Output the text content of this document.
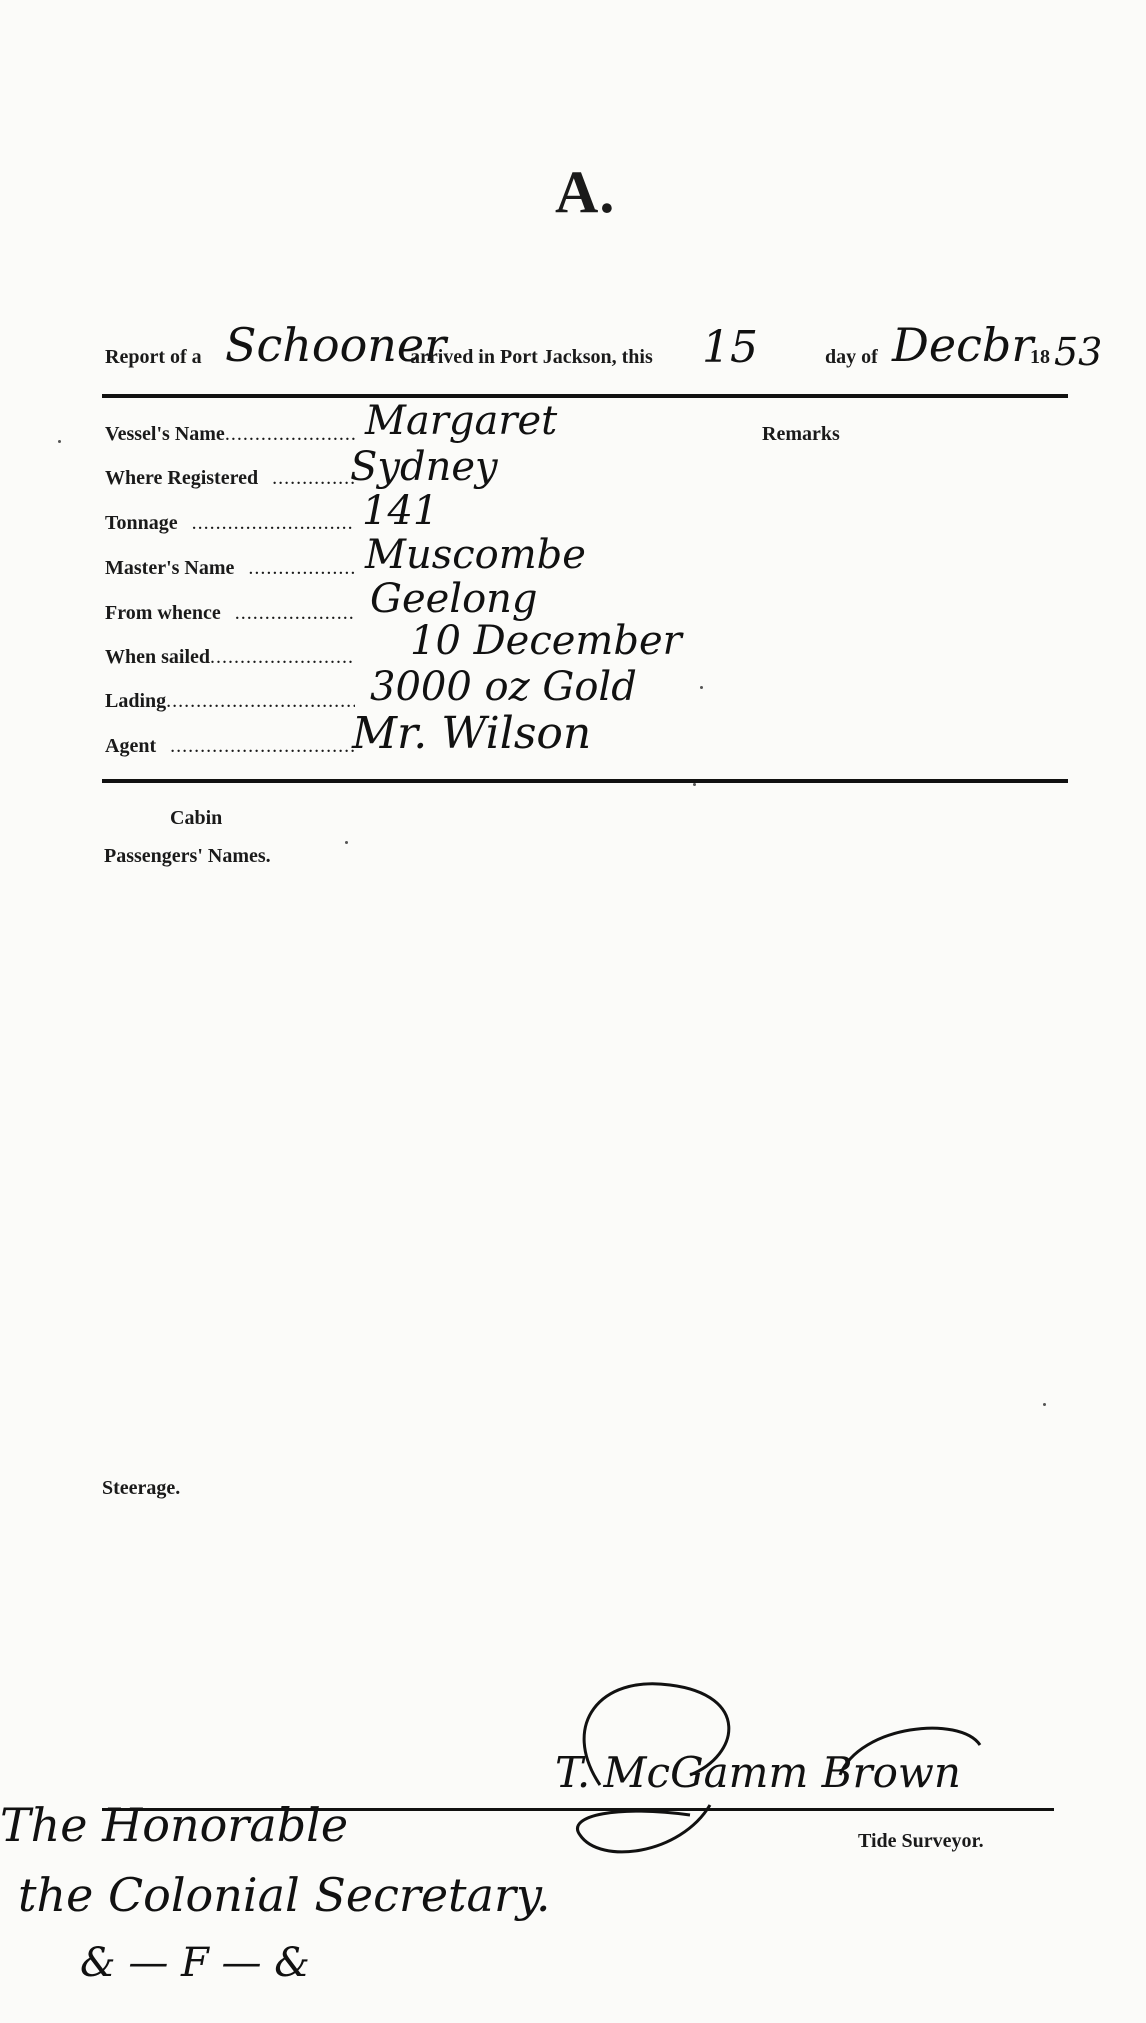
A.
Report of a Schooner
arrived in Port Jackson, this 15	day of Decbr
18 53
Vessel's Name .....	Margaret
Where Registered ..... Sydney
Tonnage .....	141
Master's Name .....	Muscombe
From whence .....	Geelong
When sailed .....	10 December
Lading .....	3000 oz Gold
Agent .....	Mr. Wilson
Remarks
Cabin
Passengers' Names.
Steerage.
T. McGamm Brown
Tide Surveyor.
The Honorable
the Colonial Secretary.
& — F — &
